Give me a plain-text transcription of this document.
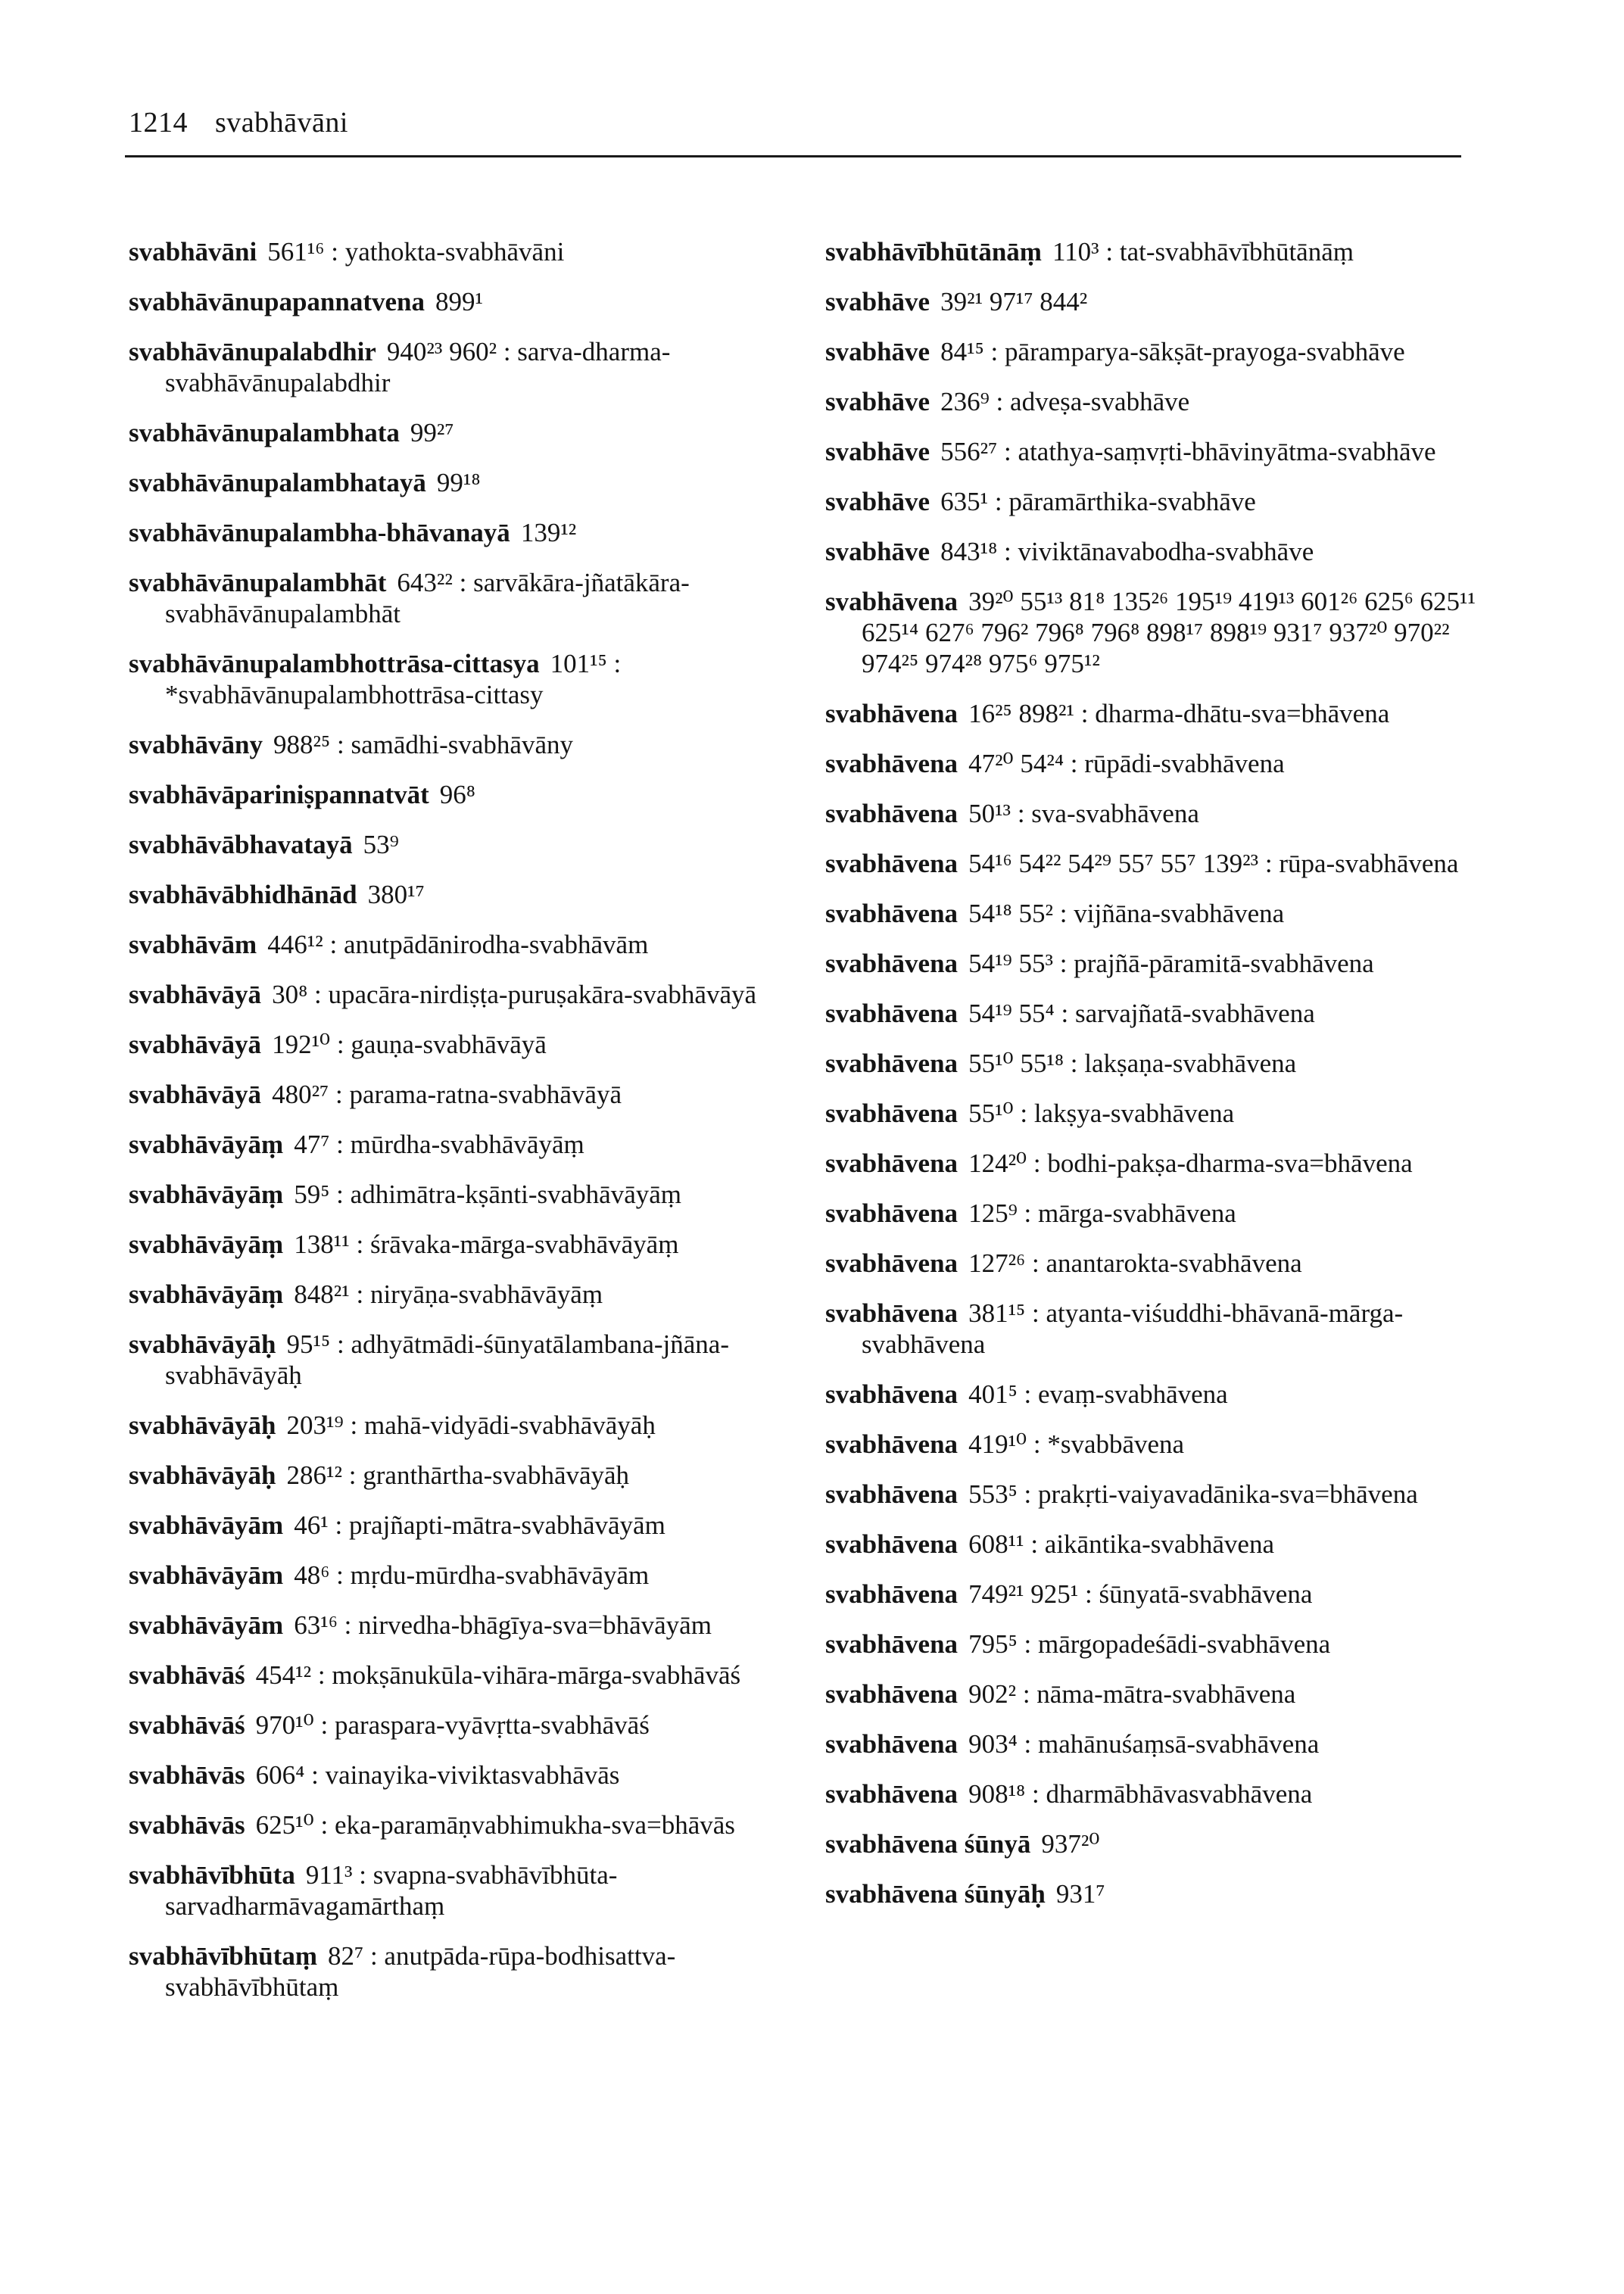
1214 svabhāvāni
svabhāvāni 561¹⁶ : yathokta-svabhāvāni
svabhāvānupapannatvena 899¹
svabhāvānupalabdhir 940²³ 960² : sarva-dharma-svabhāvānupalabdhir
svabhāvānupalambhata 99²⁷
svabhāvānupalambhatayā 99¹⁸
svabhāvānupalambha-bhāvanayā 139¹²
svabhāvānupalambhāt 643²² : sarvākāra-jñatākāra-svabhāvānupalambhāt
svabhāvānupalambhottrāsa-cittasya 101¹⁵ : *svabhāvānupalambhottrāsa-cittasy
svabhāvāny 988²⁵ : samādhi-svabhāvāny
svabhāvāpariniṣpannatvāt 96⁸
svabhāvābhavatayā 53⁹
svabhāvābhidhānād 380¹⁷
svabhāvām 446¹² : anutpādānirodha-svabhāvām
svabhāvāyā 30⁸ : upacāra-nirdiṣṭa-puruṣakāra-svabhāvāyā
svabhāvāyā 192¹⁰ : gauṇa-svabhāvāyā
svabhāvāyā 480²⁷ : parama-ratna-svabhāvāyā
svabhāvāyāṃ 47⁷ : mūrdha-svabhāvāyāṃ
svabhāvāyāṃ 59⁵ : adhimātra-kṣānti-svabhāvāyāṃ
svabhāvāyāṃ 138¹¹ : śrāvaka-mārga-svabhāvāyāṃ
svabhāvāyāṃ 848²¹ : niryāṇa-svabhāvāyāṃ
svabhāvāyāḥ 95¹⁵ : adhyātmādi-śūnyatālambana-jñāna-svabhāvāyāḥ
svabhāvāyāḥ 203¹⁹ : mahā-vidyādi-svabhāvāyāḥ
svabhāvāyāḥ 286¹² : granthārtha-svabhāvāyāḥ
svabhāvāyām 46¹ : prajñapti-mātra-svabhāvāyām
svabhāvāyām 48⁶ : mṛdu-mūrdha-svabhāvāyām
svabhāvāyām 63¹⁶ : nirvedha-bhāgīya-sva=bhāvāyām
svabhāvāś 454¹² : mokṣānukūla-vihāra-mārga-svabhāvāś
svabhāvāś 970¹⁰ : paraspara-vyāvṛtta-svabhāvāś
svabhāvās 606⁴ : vainayika-viviktasvabhāvās
svabhāvās 625¹⁰ : eka-paramāṇvabhimukha-sva=bhāvās
svabhāvībhūta 911³ : svapna-svabhāvībhūta-sarvadharmāvagamārthaṃ
svabhāvībhūtaṃ 82⁷ : anutpāda-rūpa-bodhisattva-svabhāvībhūtaṃ
svabhāvībhūtānāṃ 110³ : tat-svabhāvībhūtānāṃ
svabhāve 39²¹ 97¹⁷ 844²
svabhāve 84¹⁵ : pāramparya-sākṣāt-prayoga-svabhāve
svabhāve 236⁹ : adveṣa-svabhāve
svabhāve 556²⁷ : atathya-saṃvṛti-bhāvinyātma-svabhāve
svabhāve 635¹ : pāramārthika-svabhāve
svabhāve 843¹⁸ : viviktānavabodha-svabhāve
svabhāvena 39²⁰ 55¹³ 81⁸ 135²⁶ 195¹⁹ 419¹³ 601²⁶ 625⁶ 625¹¹ 625¹⁴ 627⁶ 796² 796⁸ 796⁸ 898¹⁷ 898¹⁹ 931⁷ 937²⁰ 970²² 974²⁵ 974²⁸ 975⁶ 975¹²
svabhāvena 16²⁵ 898²¹ : dharma-dhātu-sva=bhāvena
svabhāvena 47²⁰ 54²⁴ : rūpādi-svabhāvena
svabhāvena 50¹³ : sva-svabhāvena
svabhāvena 54¹⁶ 54²² 54²⁹ 55⁷ 55⁷ 139²³ : rūpa-svabhāvena
svabhāvena 54¹⁸ 55² : vijñāna-svabhāvena
svabhāvena 54¹⁹ 55³ : prajñā-pāramitā-svabhāvena
svabhāvena 54¹⁹ 55⁴ : sarvajñatā-svabhāvena
svabhāvena 55¹⁰ 55¹⁸ : lakṣaṇa-svabhāvena
svabhāvena 55¹⁰ : lakṣya-svabhāvena
svabhāvena 124²⁰ : bodhi-pakṣa-dharma-sva=bhāvena
svabhāvena 125⁹ : mārga-svabhāvena
svabhāvena 127²⁶ : anantarokta-svabhāvena
svabhāvena 381¹⁵ : atyanta-viśuddhi-bhāvanā-mārga-svabhāvena
svabhāvena 401⁵ : evaṃ-svabhāvena
svabhāvena 419¹⁰ : *svabbāvena
svabhāvena 553⁵ : prakṛti-vaiyavadānika-sva=bhāvena
svabhāvena 608¹¹ : aikāntika-svabhāvena
svabhāvena 749²¹ 925¹ : śūnyatā-svabhāvena
svabhāvena 795⁵ : mārgopadeśādi-svabhāvena
svabhāvena 902² : nāma-mātra-svabhāvena
svabhāvena 903⁴ : mahānuśaṃsā-svabhāvena
svabhāvena 908¹⁸ : dharmābhāvasvabhāvena
svabhāvena śūnyā 937²⁰
svabhāvena śūnyāḥ 931⁷
